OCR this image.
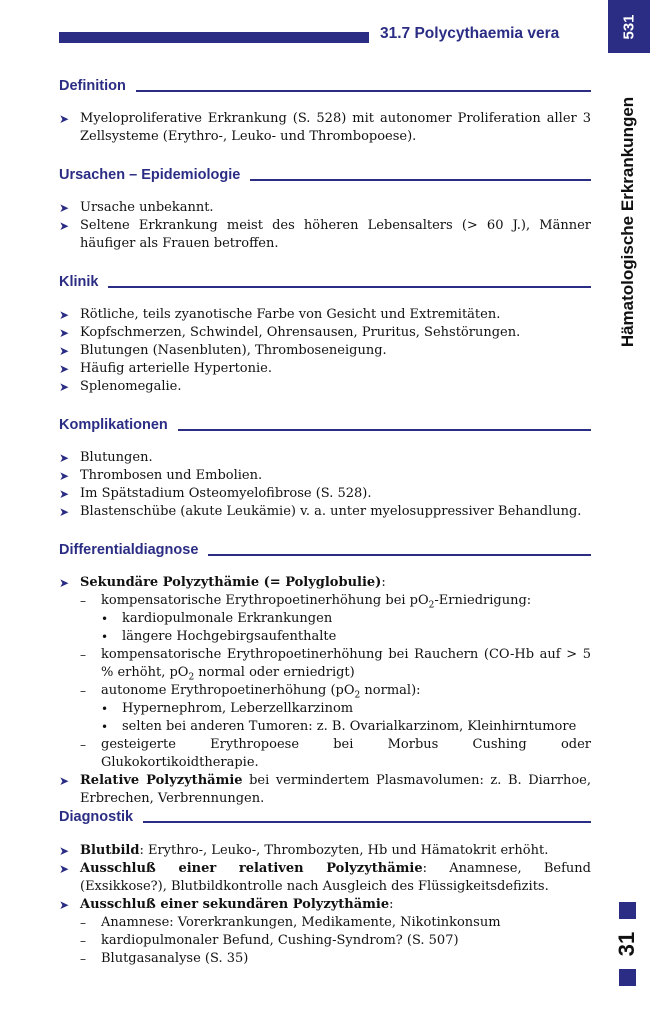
31.7 Polycythaemia vera	531
Hämatologische Erkrankungen
31
Definition
➤ Myeloproliferative Erkrankung (S. 528) mit autonomer Proliferation aller 3 Zellsysteme (Erythro-, Leuko- und Thrombopoese).
Ursachen – Epidemiologie
➤ Ursache unbekannt.
➤ Seltene Erkrankung meist des höheren Lebensalters (> 60 J.), Männer häufiger als Frauen betroffen.
Klinik
➤ Rötliche, teils zyanotische Farbe von Gesicht und Extremitäten.
➤ Kopfschmerzen, Schwindel, Ohrensausen, Pruritus, Sehstörungen.
➤ Blutungen (Nasenbluten), Thromboseneigung.
➤ Häufig arterielle Hypertonie.
➤ Splenomegalie.
Komplikationen
➤ Blutungen.
➤ Thrombosen und Embolien.
➤ Im Spätstadium Osteomyelofibrose (S. 528).
➤ Blastenschübe (akute Leukämie) v. a. unter myelosuppressiver Behandlung.
Differentialdiagnose
➤ Sekundäre Polyzythämie (= Polyglobulie):
– kompensatorische Erythropoetinerhöhung bei $pO_2$-Erniedrigung:
• kardiopulmonale Erkrankungen
• längere Hochgebirgsaufenthalte
– kompensatorische Erythropoetinerhöhung bei Rauchern (CO-Hb auf > 5 % erhöht, $pO_2$ normal oder erniedrigt)
– autonome Erythropoetinerhöhung ($pO_2$ normal):
• Hypernephrom, Leberzellkarzinom
• selten bei anderen Tumoren: z. B. Ovarialkarzinom, Kleinhirntumore
– gesteigerte Erythropoese bei Morbus Cushing oder Glukokortikoidtherapie.
➤ Relative Polyzythämie bei vermindertem Plasmavolumen: z. B. Diarrhoe, Erbrechen, Verbrennungen.
Diagnostik
➤ Blutbild: Erythro-, Leuko-, Thrombozyten, Hb und Hämatokrit erhöht.
➤ Ausschluß einer relativen Polyzythämie: Anamnese, Befund (Exsikkose?), Blutbildkontrolle nach Ausgleich des Flüssigkeitsdefizits.
➤ Ausschluß einer sekundären Polyzythämie:
– Anamnese: Vorerkrankungen, Medikamente, Nikotinkonsum
– kardiopulmonaler Befund, Cushing-Syndrom? (S. 507)
– Blutgasanalyse (S. 35)
